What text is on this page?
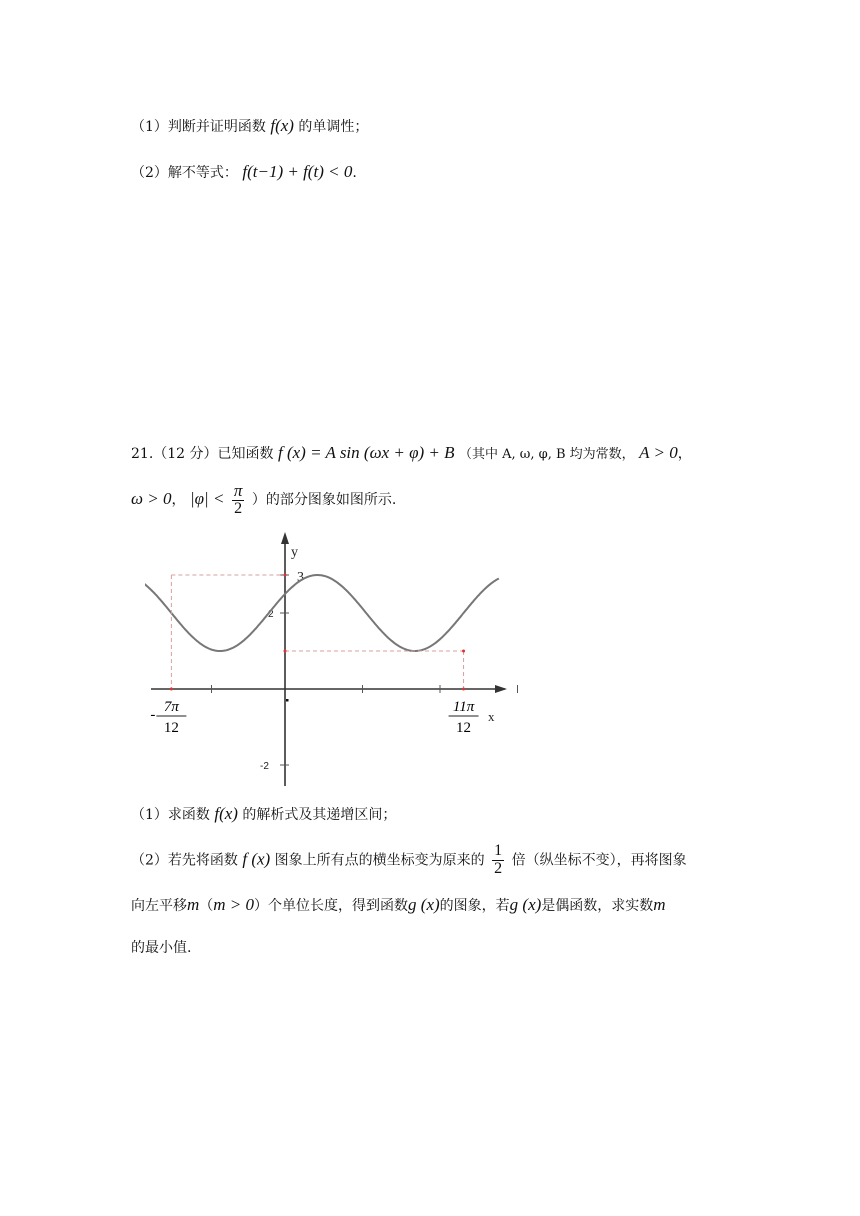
（1）判断并证明函数 f(x) 的单调性；
（2）解不等式： f(t−1) + f(t) < 0.
21.（12 分）已知函数 f (x) = A sin (ωx + φ) + B （其中 A, ω, φ, B 均为常数， A > 0，
ω > 0， $|\varphi| < \frac{\pi}{2}$ ）的部分图象如图所示.
3
2
-2
y
x
7π
12
-	11π
12
（1）求函数 f(x) 的解析式及其递增区间；
（2）若先将函数 f (x) 图象上所有点的横坐标变为原来的 $\frac{1}{2}$ 倍（纵坐标不变），再将图象
向左平移m（m > 0）个单位长度，得到函数g (x)的图象，若g (x)是偶函数，求实数m
的最小值.
